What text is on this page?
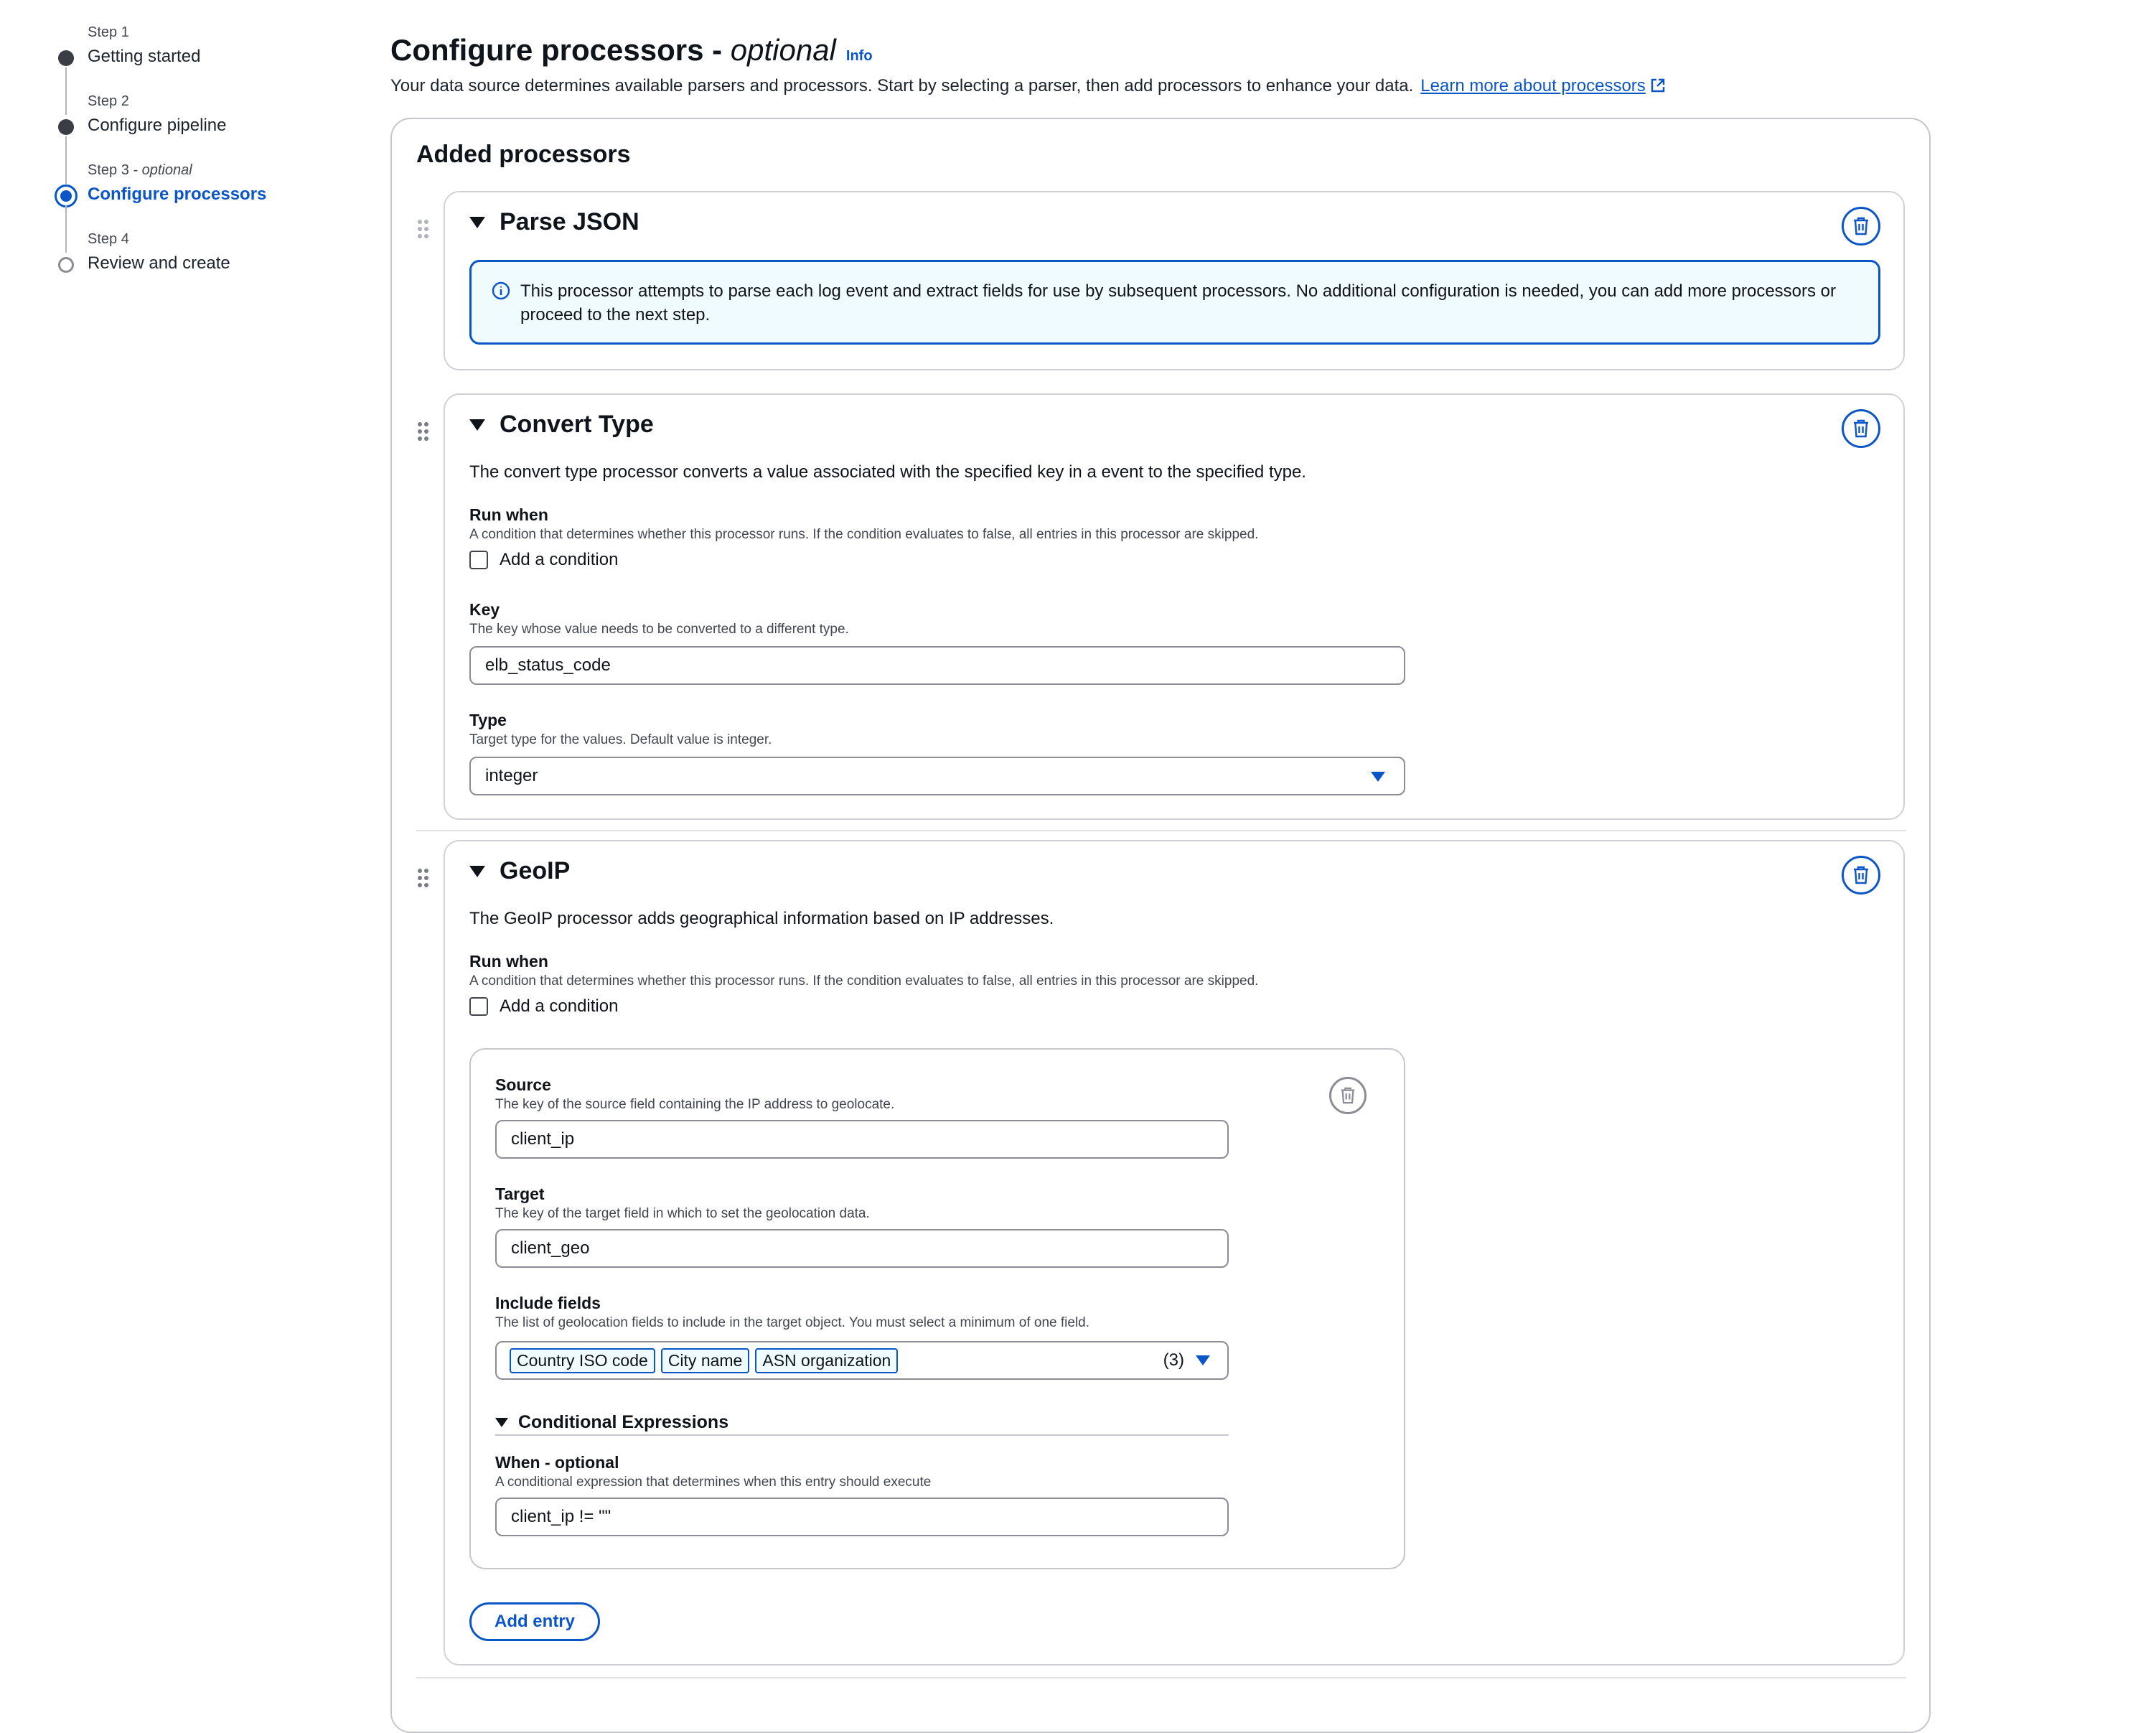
Step 1
Getting started
Step 2
Configure pipeline
Step 3 - optional
Configure processors
Step 4
Review and create
Configure processors - optional Info
Your data source determines available parsers and processors. Start by selecting a parser, then add processors to enhance your data. Learn more about processors
Added processors
Parse JSON
This processor attempts to parse each log event and extract fields for use by subsequent processors. No additional configuration is needed, you can add more processors or proceed to the next step.
Convert Type
The convert type processor converts a value associated with the specified key in a event to the specified type.
Run when
A condition that determines whether this processor runs. If the condition evaluates to false, all entries in this processor are skipped.
Add a condition
Key
The key whose value needs to be converted to a different type.
elb_status_code
Type
Target type for the values. Default value is integer.
integer
GeoIP
The GeoIP processor adds geographical information based on IP addresses.
Run when
A condition that determines whether this processor runs. If the condition evaluates to false, all entries in this processor are skipped.
Add a condition
Source
The key of the source field containing the IP address to geolocate.
client_ip
Target
The key of the target field in which to set the geolocation data.
client_geo
Include fields
The list of geolocation fields to include in the target object. You must select a minimum of one field.
Country ISO code	City name	ASN organization	(3)
Conditional Expressions
When - optional
A conditional expression that determines when this entry should execute
client_ip != ""
Add entry
